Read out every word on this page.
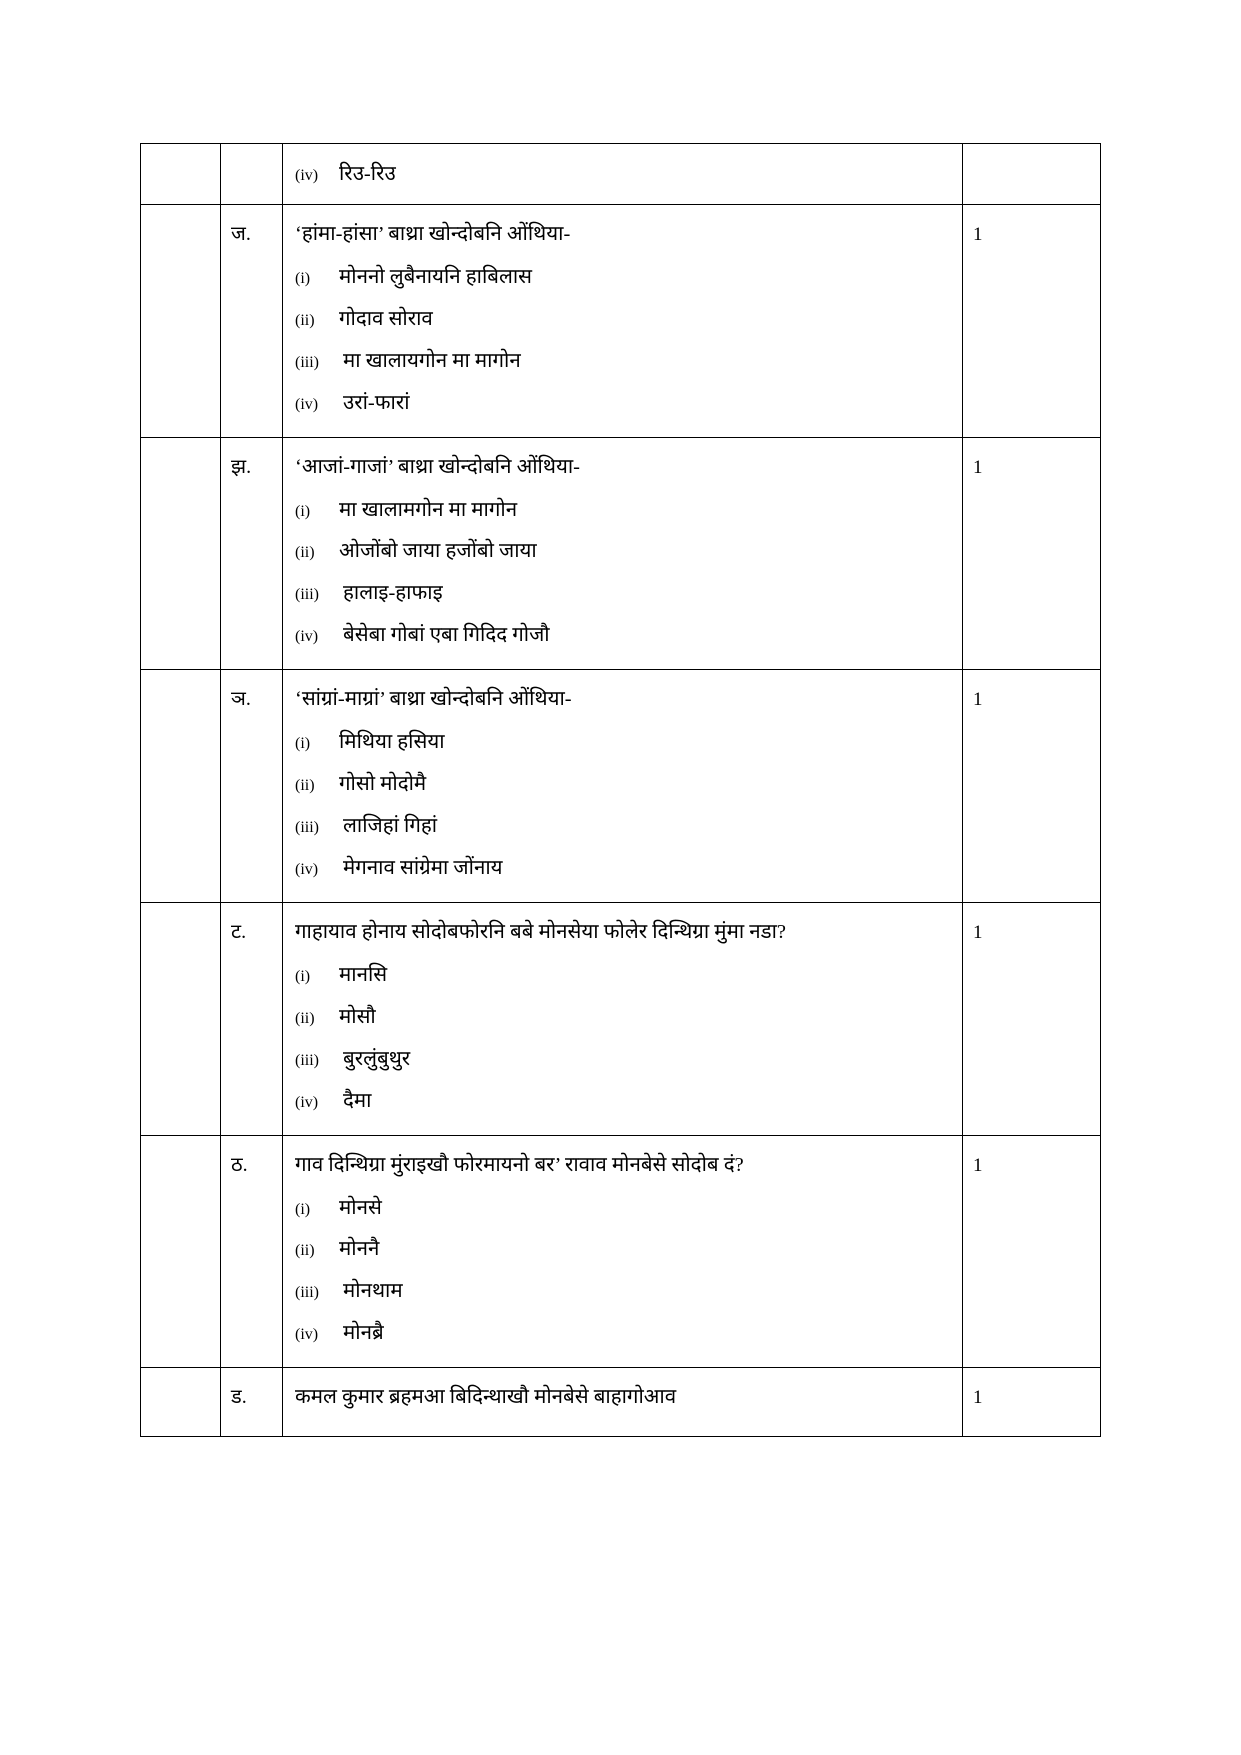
		(iv) रिउ-रिउ	

	ज.	‘हांमा-हांसा’ बाथ्रा खोन्दोबनि ओंथिया-
(i)	मोननो लुबैनायनि हाबिलास
(ii)	गोदाव सोराव
(iii)	मा खालायगोन मा मागोन
(iv)	उरां-फारां
	1
	झ.	‘आजां-गाजां’ बाथ्रा खोन्दोबनि ओंथिया-
(i)	मा खालामगोन मा मागोन
(ii)	ओजोंबो जाया हजोंबो जाया
(iii)	हालाइ-हाफाइ
(iv)	बेसेबा गोबां एबा गिदिद गोजौ
	1
	ञ.	‘सांग्रां-माग्रां’ बाथ्रा खोन्दोबनि ओंथिया-
(i)	मिथिया हसिया
(ii)	गोसो मोदोमै
(iii)	लाजिहां गिहां
(iv)	मेगनाव सांग्रेमा जोंनाय
	1
	ट.	गाहायाव होनाय सोदोबफोरनि बबे मोनसेया फोलेर दिन्थिग्रा मुंमा नडा?
(i)	मानसि
(ii)	मोसौ
(iii)	बुरलुंबुथुर
(iv)	दैमा
	1
	ठ.	गाव दिन्थिग्रा मुंराइखौ फोरमायनो बर’ रावाव मोनबेसे सोदोब दं?
(i)	मोनसे
(ii)	मोननै
(iii)	मोनथाम
(iv)	मोनब्रै
	1
	ड.	कमल कुमार ब्रहमआ बिदिन्थाखौ मोनबेसे बाहागोआव	1
